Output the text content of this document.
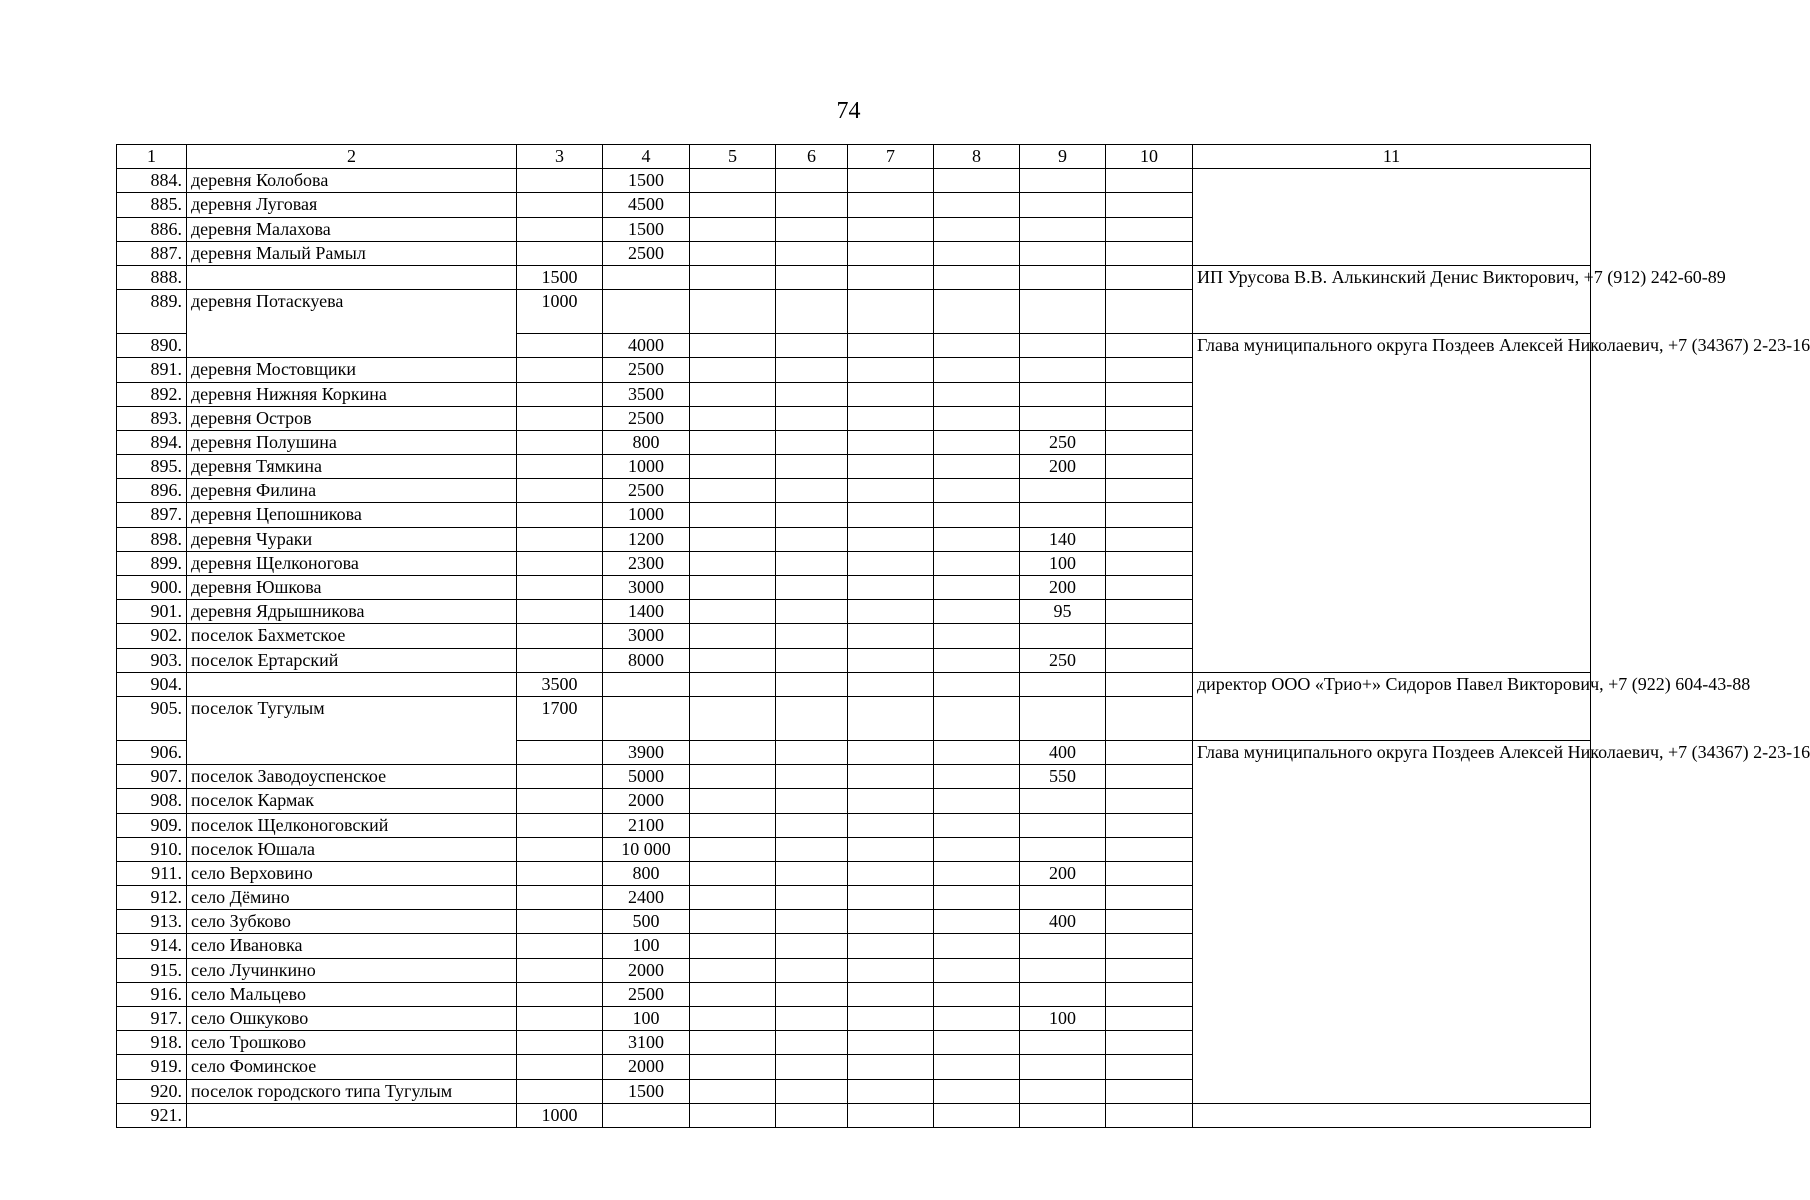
74
1	2	3	4	5	6	7	8	9	10	11
884.	деревня Колобова		1500							
885.	деревня Луговая		4500							
886.	деревня Малахова		1500							
887.	деревня Малый Рамыл		2500							
888.		1500								ИП Урусова В.В. Алькинский Денис Викторович, +7 (912) 242-60-89
889.	деревня Потаскуева	1000								
890.			4000							Глава муниципального округа Поздеев Алексей Николаевич, +7 (34367) 2-23-16
891.	деревня Мостовщики		2500							
892.	деревня Нижняя Коркина		3500							
893.	деревня Остров		2500							
894.	деревня Полушина		800					250		
895.	деревня Тямкина		1000					200		
896.	деревня Филина		2500							
897.	деревня Цепошникова		1000							
898.	деревня Чураки		1200					140		
899.	деревня Щелконогова		2300					100		
900.	деревня Юшкова		3000					200		
901.	деревня Ядрышникова		1400					95		
902.	поселок Бахметское		3000							
903.	поселок Ертарский		8000					250		
904.		3500								директор ООО «Трио+» Сидоров Павел Викторович, +7 (922) 604-43-88
905.	поселок Тугулым	1700								
906.			3900					400		Глава муниципального округа Поздеев Алексей Николаевич, +7 (34367) 2-23-16
907.	поселок Заводоуспенское		5000					550		
908.	поселок Кармак		2000							
909.	поселок Щелконоговский		2100							
910.	поселок Юшала		10 000							
911.	село Верховино		800					200		
912.	село Дёмино		2400							
913.	село Зубково		500					400		
914.	село Ивановка		100							
915.	село Лучинкино		2000							
916.	село Мальцево		2500							
917.	село Ошкуково		100					100		
918.	село Трошково		3100							
919.	село Фоминское		2000							
920.	поселок городского типа Тугулым		1500							
921.		1000								
